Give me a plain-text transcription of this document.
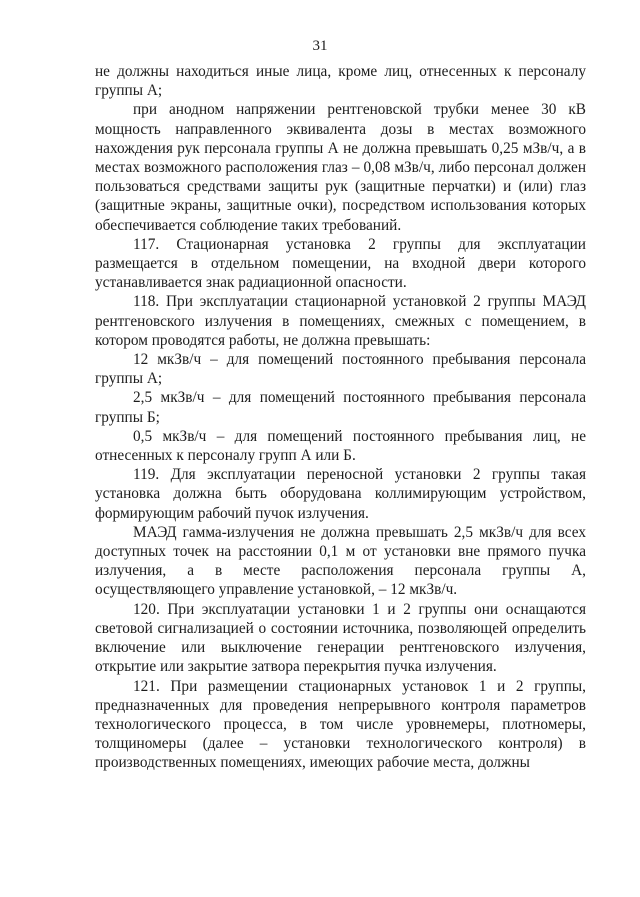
31

не должны находиться иные лица, кроме лиц, отнесенных к персоналу группы А;

при анодном напряжении рентгеновской трубки менее 30 кВ мощность направленного эквивалента дозы в местах возможного нахождения рук персонала группы А не должна превышать 0,25 мЗв/ч, а в местах возможного расположения глаз – 0,08 мЗв/ч, либо персонал должен пользоваться средствами защиты рук (защитные перчатки) и (или) глаз (защитные экраны, защитные очки), посредством использования которых обеспечивается соблюдение таких требований.

117. Стационарная установка 2 группы для эксплуатации размещается в отдельном помещении, на входной двери которого устанавливается знак радиационной опасности.

118. При эксплуатации стационарной установкой 2 группы МАЭД рентгеновского излучения в помещениях, смежных с помещением, в котором проводятся работы, не должна превышать:

12 мкЗв/ч – для помещений постоянного пребывания персонала группы А;

2,5 мкЗв/ч – для помещений постоянного пребывания персонала группы Б;

0,5 мкЗв/ч – для помещений постоянного пребывания лиц, не отнесенных к персоналу групп А или Б.

119. Для эксплуатации переносной установки 2 группы такая установка должна быть оборудована коллимирующим устройством, формирующим рабочий пучок излучения.

МАЭД гамма-излучения не должна превышать 2,5 мкЗв/ч для всех доступных точек на расстоянии 0,1 м от установки вне прямого пучка излучения, а в месте расположения персонала группы А, осуществляющего управление установкой, – 12 мкЗв/ч.

120. При эксплуатации установки 1 и 2 группы они оснащаются световой сигнализацией о состоянии источника, позволяющей определить включение или выключение генерации рентгеновского излучения, открытие или закрытие затвора перекрытия пучка излучения.

121. При размещении стационарных установок 1 и 2 группы, предназначенных для проведения непрерывного контроля параметров технологического процесса, в том числе уровнемеры, плотномеры, толщиномеры (далее – установки технологического контроля) в производственных помещениях, имеющих рабочие места, должны
